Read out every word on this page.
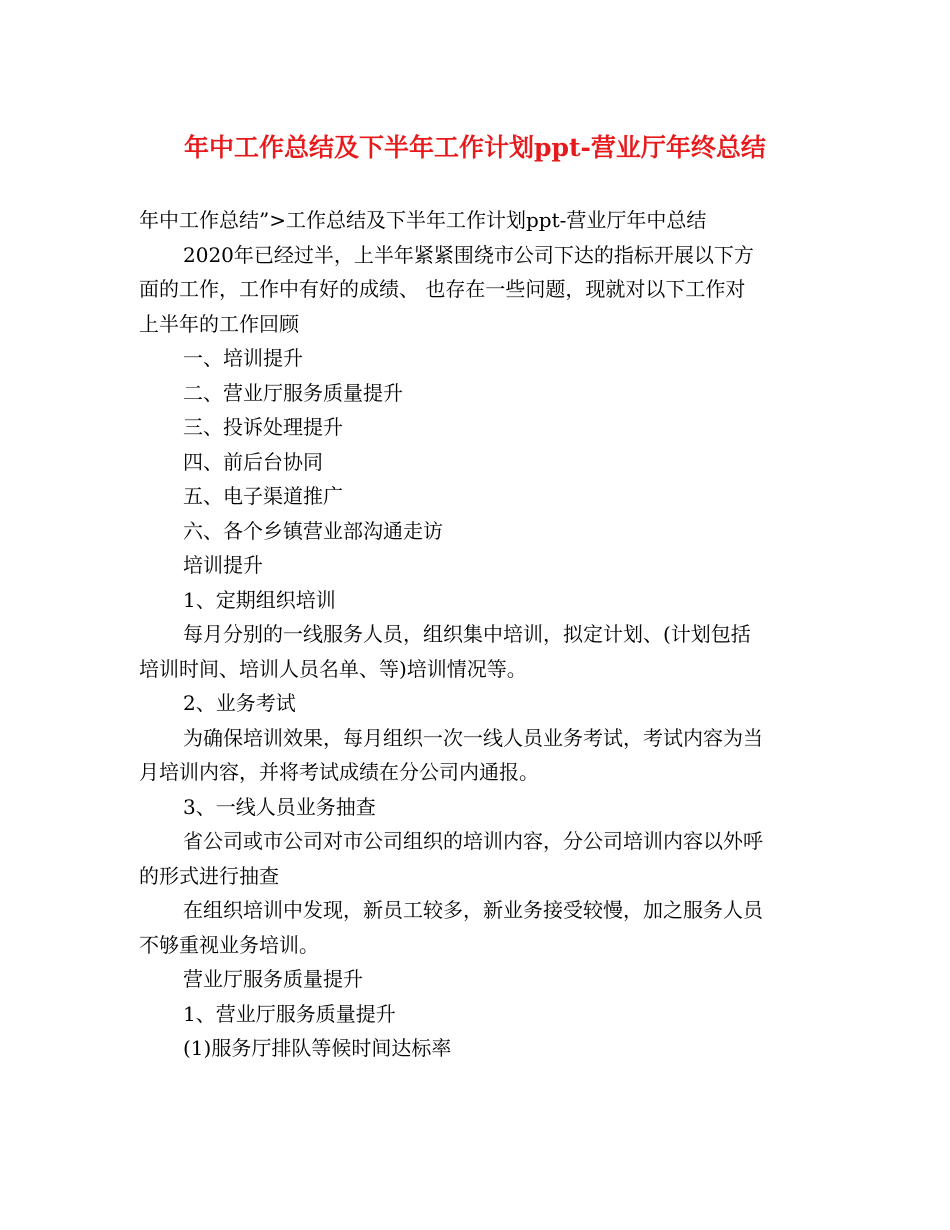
年中工作总结及下半年工作计划ppt-营业厅年终总结
年中工作总结”>工作总结及下半年工作计划ppt-营业厅年中总结
2020年已经过半，上半年紧紧围绕市公司下达的指标开展以下方
面的工作，工作中有好的成绩、 也存在一些问题，现就对以下工作对
上半年的工作回顾
一、培训提升
二、营业厅服务质量提升
三、投诉处理提升
四、前后台协同
五、电子渠道推广
六、各个乡镇营业部沟通走访
培训提升
1、定期组织培训
每月分别的一线服务人员，组织集中培训，拟定计划、(计划包括
培训时间、培训人员名单、等)培训情况等。
2、业务考试
为确保培训效果，每月组织一次一线人员业务考试，考试内容为当
月培训内容，并将考试成绩在分公司内通报。
3、一线人员业务抽查
省公司或市公司对市公司组织的培训内容，分公司培训内容以外呼
的形式进行抽查
在组织培训中发现，新员工较多，新业务接受较慢，加之服务人员
不够重视业务培训。
营业厅服务质量提升
1、营业厅服务质量提升
(1)服务厅排队等候时间达标率
